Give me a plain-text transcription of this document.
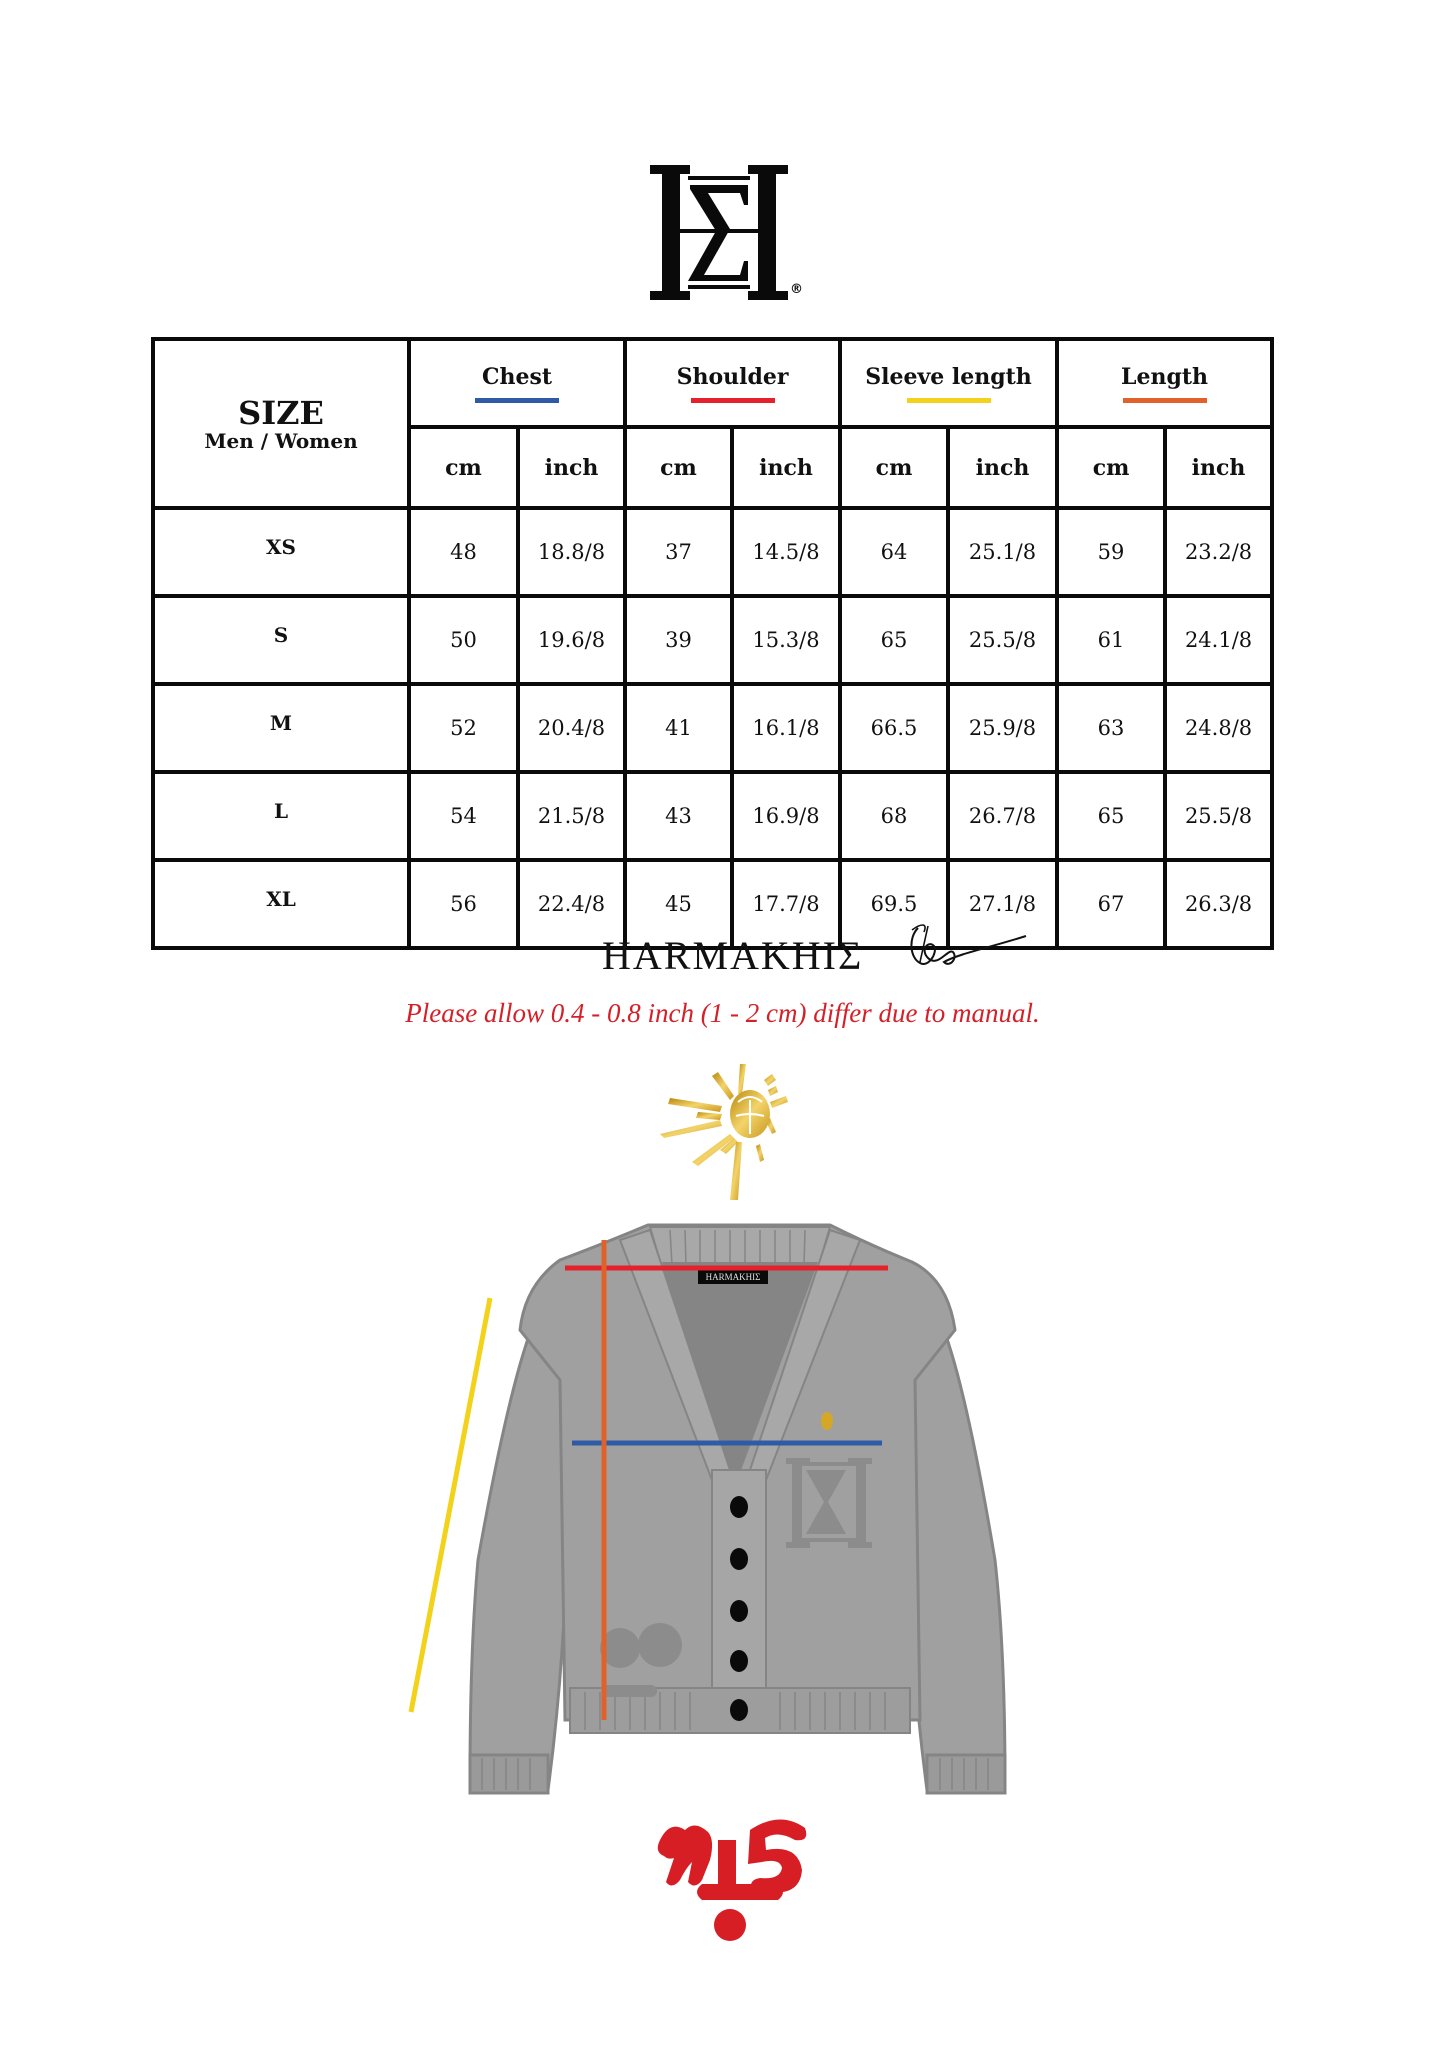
®
SIZE
Men / Women	Chest		Shoulder		Sleeve length		Length	

	cm	inch	cm	inch	cm	inch	cm	inch
XS	48	18.8/8	37	14.5/8	64	25.1/8	59	23.2/8
S	50	19.6/8	39	15.3/8	65	25.5/8	61	24.1/8
M	52	20.4/8	41	16.1/8	66.5	25.9/8	63	24.8/8
L	54	21.5/8	43	16.9/8	68	26.7/8	65	25.5/8
XL	56	22.4/8	45	17.7/8	69.5	27.1/8	67	26.3/8
HARMAKHIΣ
Please allow 0.4 - 0.8 inch (1 - 2 cm) differ due to manual.
HARMAKHIΣ
